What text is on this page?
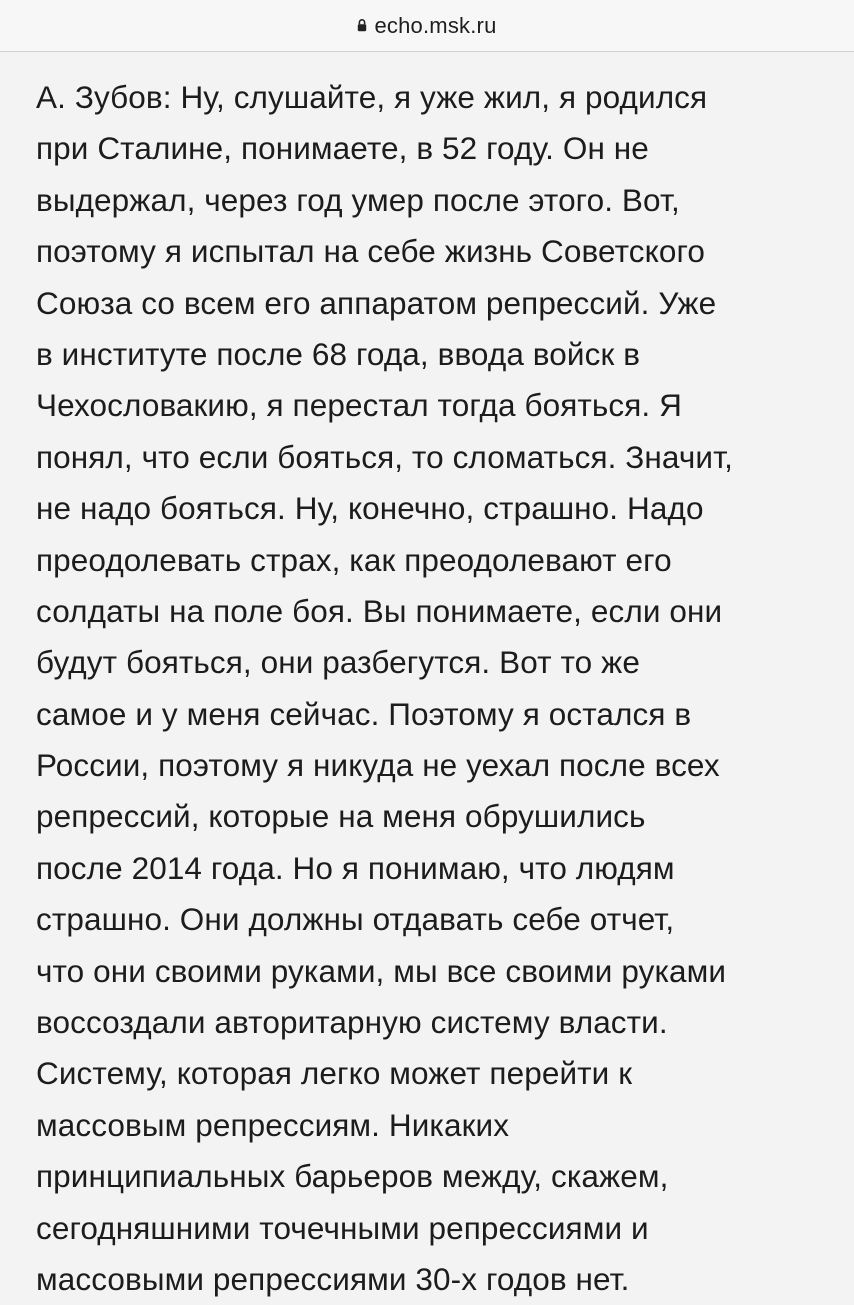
echo.msk.ru
А. Зубов: Ну, слушайте, я уже жил, я родился
при Сталине, понимаете, в 52 году. Он не
выдержал, через год умер после этого. Вот,
поэтому я испытал на себе жизнь Советского
Союза со всем его аппаратом репрессий. Уже
в институте после 68 года, ввода войск в
Чехословакию, я перестал тогда бояться. Я
понял, что если бояться, то сломаться. Значит,
не надо бояться. Ну, конечно, страшно. Надо
преодолевать страх, как преодолевают его
солдаты на поле боя. Вы понимаете, если они
будут бояться, они разбегутся. Вот то же
самое и у меня сейчас. Поэтому я остался в
России, поэтому я никуда не уехал после всех
репрессий, которые на меня обрушились
после 2014 года. Но я понимаю, что людям
страшно. Они должны отдавать себе отчет,
что они своими руками, мы все своими руками
воссоздали авторитарную систему власти.
Систему, которая легко может перейти к
массовым репрессиям. Никаких
принципиальных барьеров между, скажем,
сегодняшними точечными репрессиями и
массовыми репрессиями 30-х годов нет.
